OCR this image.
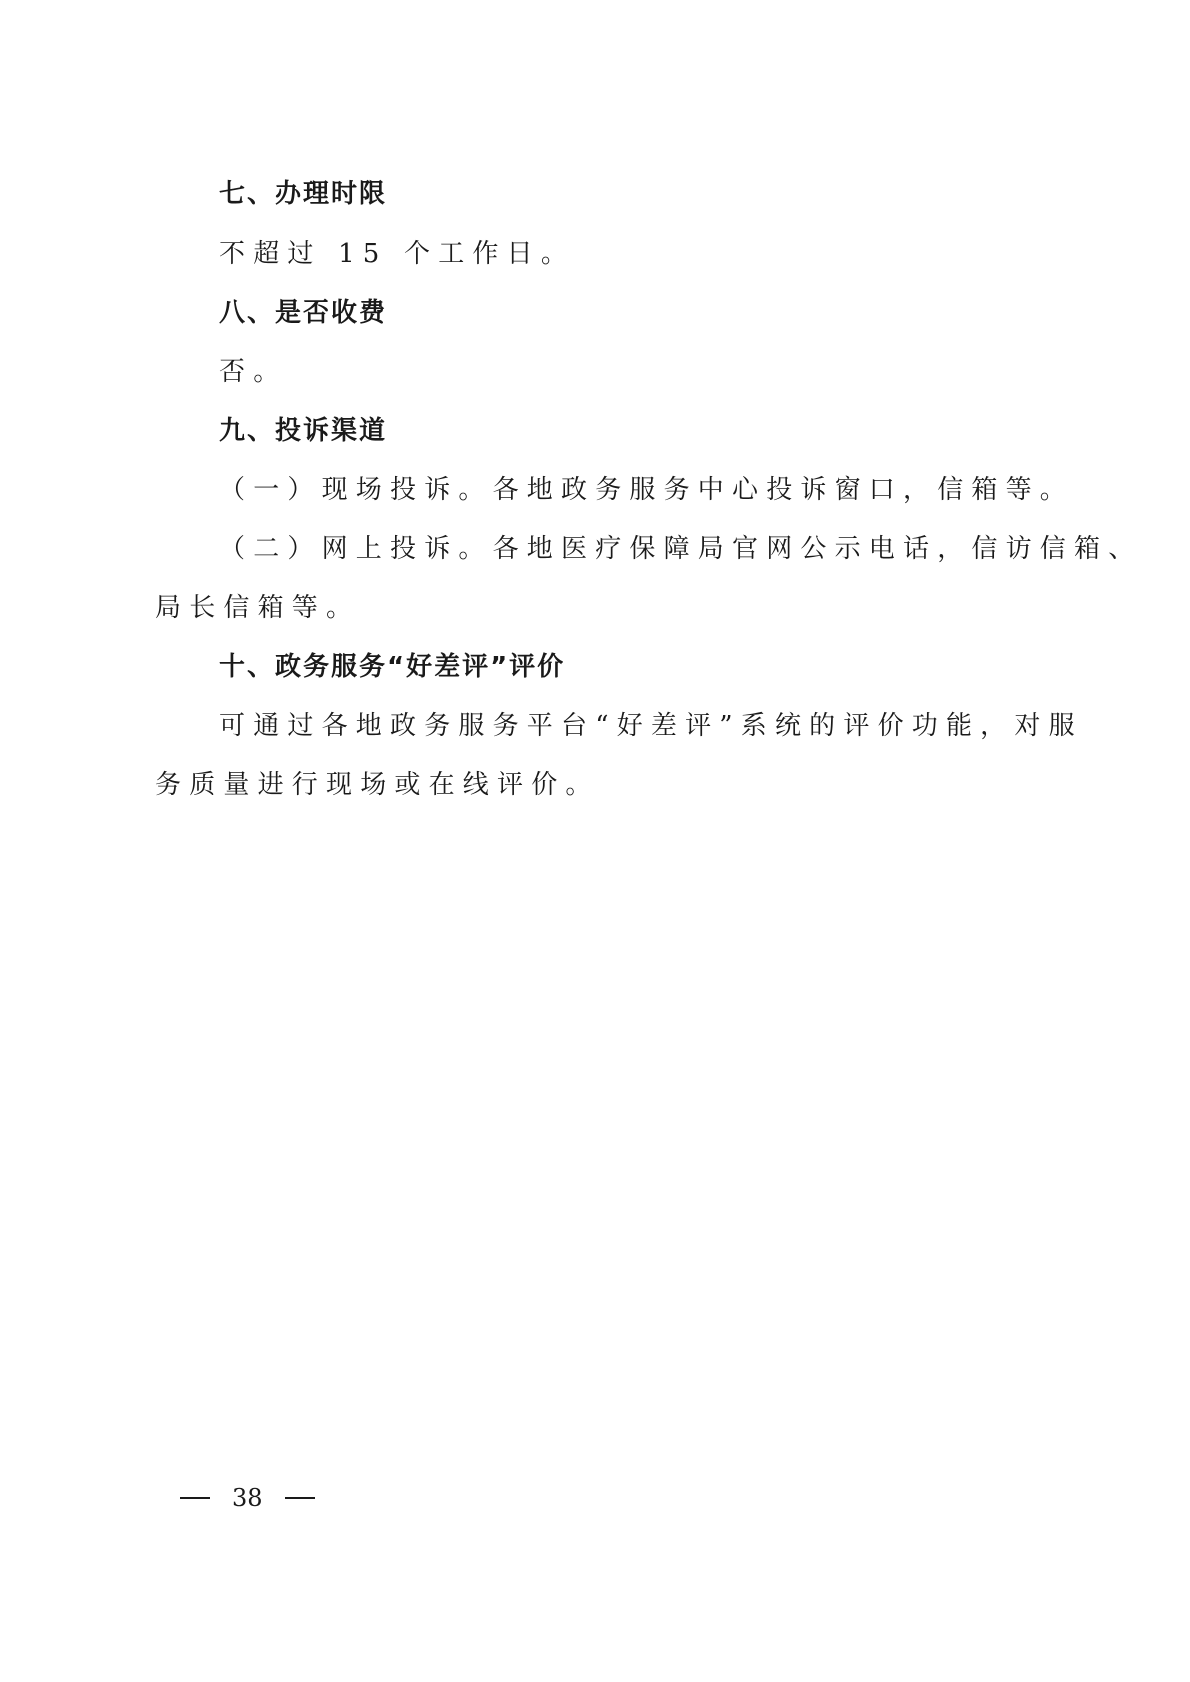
七、办理时限
不超过 15 个工作日。
八、是否收费
否。
九、投诉渠道
（一）现场投诉。各地政务服务中心投诉窗口，信箱等。
（二）网上投诉。各地医疗保障局官网公示电话，信访信箱、
局长信箱等。
十、政务服务“好差评”评价
可通过各地政务服务平台“好差评”系统的评价功能，对服
务质量进行现场或在线评价。
38
